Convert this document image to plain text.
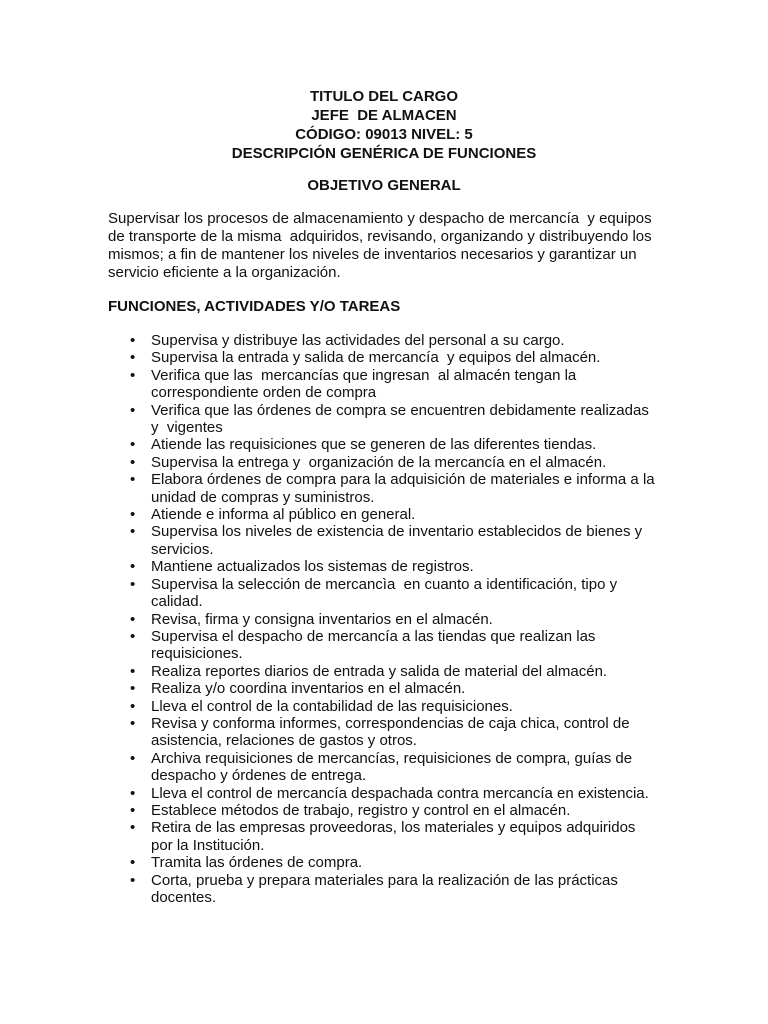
TITULO DEL CARGO
JEFE  DE ALMACEN
CÓDIGO: 09013 NIVEL: 5
DESCRIPCIÓN GENÉRICA DE FUNCIONES
OBJETIVO GENERAL
Supervisar los procesos de almacenamiento y despacho de mercancía  y equipos
de transporte de la misma  adquiridos, revisando, organizando y distribuyendo los
mismos; a fin de mantener los niveles de inventarios necesarios y garantizar un
servicio eficiente a la organización.
FUNCIONES, ACTIVIDADES Y/O TAREAS
• Supervisa y distribuye las actividades del personal a su cargo.
• Supervisa la entrada y salida de mercancía  y equipos del almacén.
• Verifica que las  mercancías que ingresan  al almacén tengan la
correspondiente orden de compra
• Verifica que las órdenes de compra se encuentren debidamente realizadas
y  vigentes
• Atiende las requisiciones que se generen de las diferentes tiendas.
• Supervisa la entrega y  organización de la mercancía en el almacén.
• Elabora órdenes de compra para la adquisición de materiales e informa a la
unidad de compras y suministros.
• Atiende e informa al público en general.
• Supervisa los niveles de existencia de inventario establecidos de bienes y
servicios.
• Mantiene actualizados los sistemas de registros.
• Supervisa la selección de mercancìa  en cuanto a identificación, tipo y
calidad.
• Revisa, firma y consigna inventarios en el almacén.
• Supervisa el despacho de mercancía a las tiendas que realizan las
requisiciones.
• Realiza reportes diarios de entrada y salida de material del almacén.
• Realiza y/o coordina inventarios en el almacén.
• Lleva el control de la contabilidad de las requisiciones.
• Revisa y conforma informes, correspondencias de caja chica, control de
asistencia, relaciones de gastos y otros.
• Archiva requisiciones de mercancías, requisiciones de compra, guías de
despacho y órdenes de entrega.
• Lleva el control de mercancía despachada contra mercancía en existencia.
• Establece métodos de trabajo, registro y control en el almacén.
• Retira de las empresas proveedoras, los materiales y equipos adquiridos
por la Institución.
• Tramita las órdenes de compra.
• Corta, prueba y prepara materiales para la realización de las prácticas
docentes.
